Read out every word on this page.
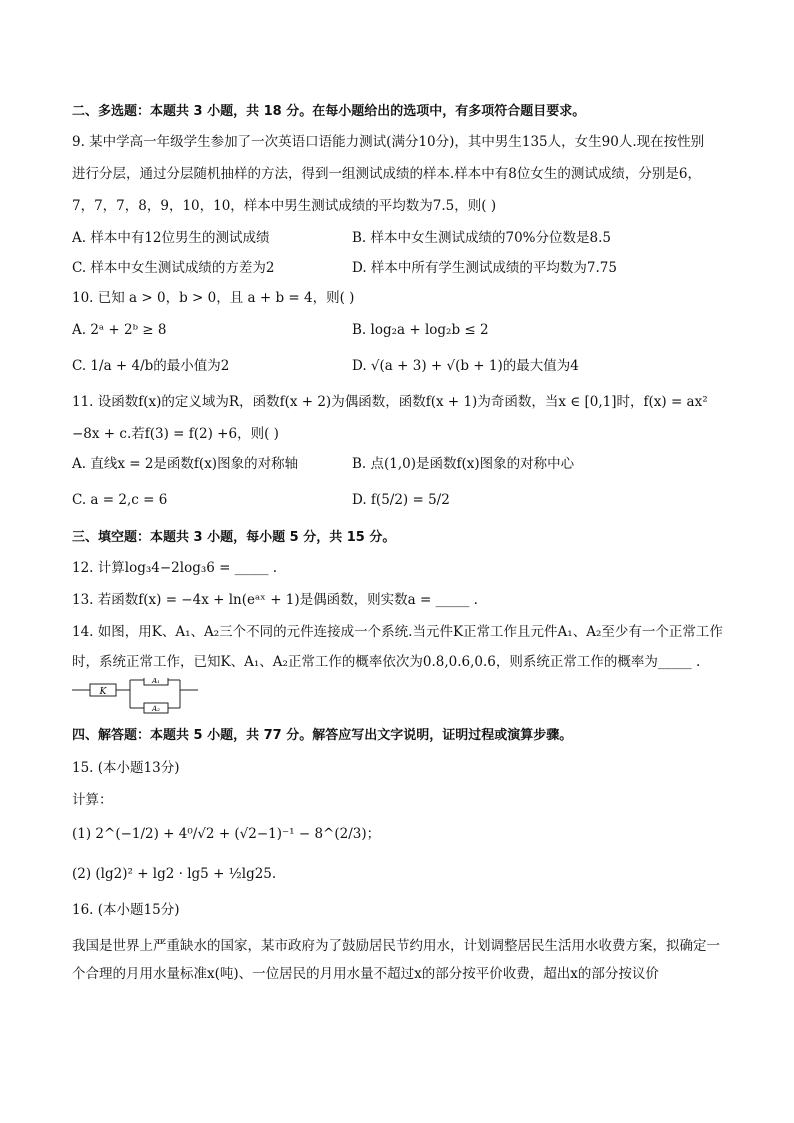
二、多选题：本题共 3 小题，共 18 分。在每小题给出的选项中，有多项符合题目要求。
9. 某中学高一年级学生参加了一次英语口语能力测试(满分10分)，其中男生135人，女生90人.现在按性别
进行分层，通过分层随机抽样的方法，得到一组测试成绩的样本.样本中有8位女生的测试成绩，分别是6，
7，7，7，8，9，10，10，样本中男生测试成绩的平均数为7.5，则( )
A. 样本中有12位男生的测试成绩	B. 样本中女生测试成绩的70%分位数是8.5
C. 样本中女生测试成绩的方差为2	D. 样本中所有学生测试成绩的平均数为7.75
10. 已知 a > 0，b > 0，且 a + b = 4，则( )
A. 2ᵃ + 2ᵇ ≥ 8	B. log₂a + log₂b ≤ 2
C. 1/a + 4/b的最小值为2	D. √(a + 3) + √(b + 1)的最大值为4
11. 设函数f(x)的定义域为R，函数f(x + 2)为偶函数，函数f(x + 1)为奇函数，当x ∈ [0,1]时，f(x) = ax²
−8x + c.若f(3) = f(2) +6，则( )
A. 直线x = 2是函数f(x)图象的对称轴	B. 点(1,0)是函数f(x)图象的对称中心
C. a = 2,c = 6	D. f(5/2) = 5/2
三、填空题：本题共 3 小题，每小题 5 分，共 15 分。
12. 计算log₃4−2log₃6 = _____ .
13. 若函数f(x) = −4x + ln(eᵃˣ + 1)是偶函数，则实数a = _____ .
14. 如图，用K、A₁、A₂三个不同的元件连接成一个系统.当元件K正常工作且元件A₁、A₂至少有一个正常工作
时，系统正常工作，已知K、A₁、A₂正常工作的概率依次为0.8,0.6,0.6，则系统正常工作的概率为_____ .
K
A₁
A₂
四、解答题：本题共 5 小题，共 77 分。解答应写出文字说明，证明过程或演算步骤。
15. (本小题13分)
计算：
(1) 2^(−1/2) + 4⁰/√2 + (√2−1)⁻¹ − 8^(2/3)；
(2) (lg2)² + lg2 · lg5 + ½lg25.
16. (本小题15分)
我国是世界上严重缺水的国家，某市政府为了鼓励居民节约用水，计划调整居民生活用水收费方案，拟确定一个合理的月用水量标准x(吨)、一位居民的月用水量不超过x的部分按平价收费，超出x的部分按议价
